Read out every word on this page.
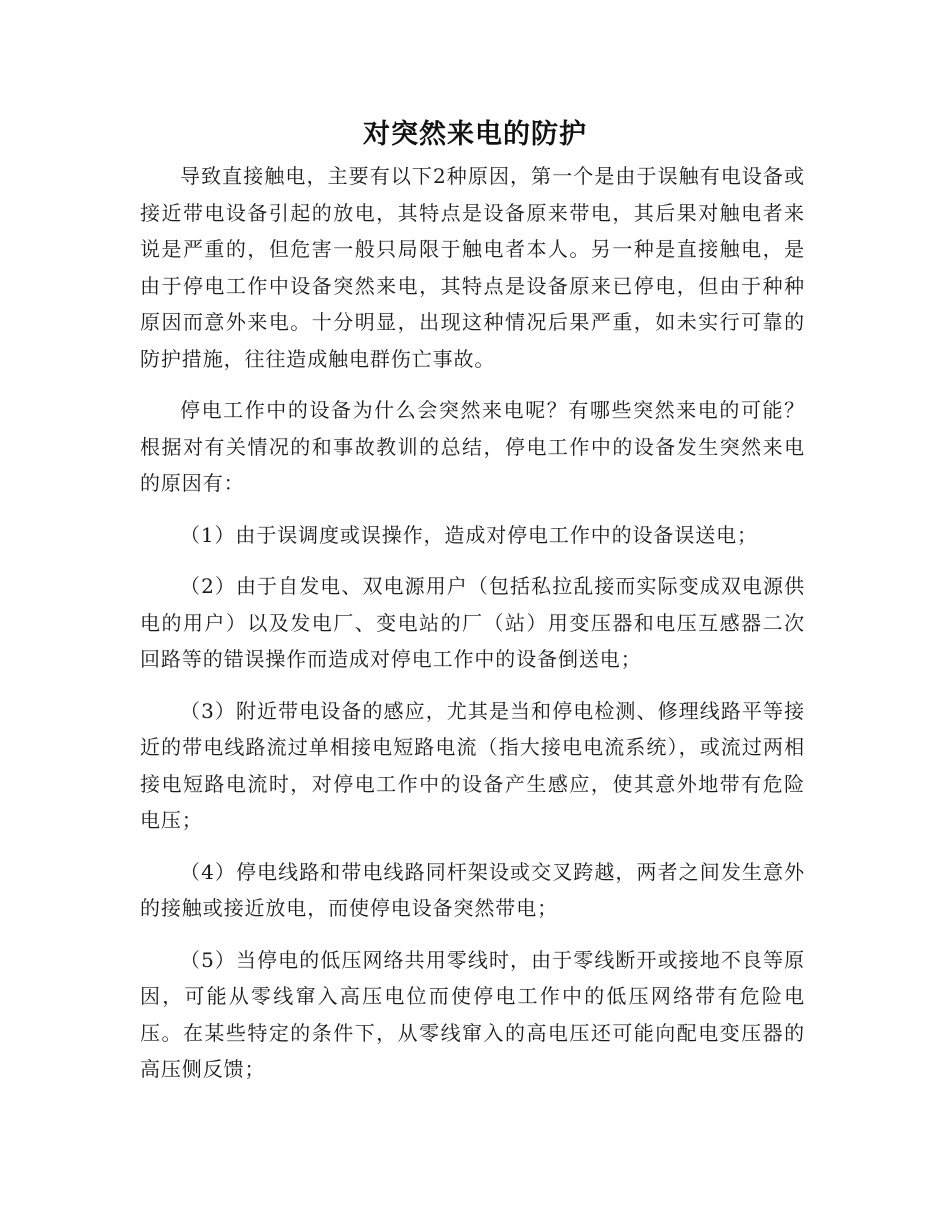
对突然来电的防护

导致直接触电，主要有以下2种原因，第一个是由于误触有电设备或接近带电设备引起的放电，其特点是设备原来带电，其后果对触电者来说是严重的，但危害一般只局限于触电者本人。另一种是直接触电，是由于停电工作中设备突然来电，其特点是设备原来已停电，但由于种种原因而意外来电。十分明显，出现这种情况后果严重，如未实行可靠的防护措施，往往造成触电群伤亡事故。

停电工作中的设备为什么会突然来电呢？有哪些突然来电的可能？根据对有关情况的和事故教训的总结，停电工作中的设备发生突然来电的原因有：

（1）由于误调度或误操作，造成对停电工作中的设备误送电；

（2）由于自发电、双电源用户（包括私拉乱接而实际变成双电源供电的用户）以及发电厂、变电站的厂（站）用变压器和电压互感器二次回路等的错误操作而造成对停电工作中的设备倒送电；

（3）附近带电设备的感应，尤其是当和停电检测、修理线路平等接近的带电线路流过单相接电短路电流（指大接电电流系统），或流过两相接电短路电流时，对停电工作中的设备产生感应，使其意外地带有危险电压；

（4）停电线路和带电线路同杆架设或交叉跨越，两者之间发生意外的接触或接近放电，而使停电设备突然带电；

（5）当停电的低压网络共用零线时，由于零线断开或接地不良等原因，可能从零线窜入高压电位而使停电工作中的低压网络带有危险电压。在某些特定的条件下，从零线窜入的高电压还可能向配电变压器的高压侧反馈；
